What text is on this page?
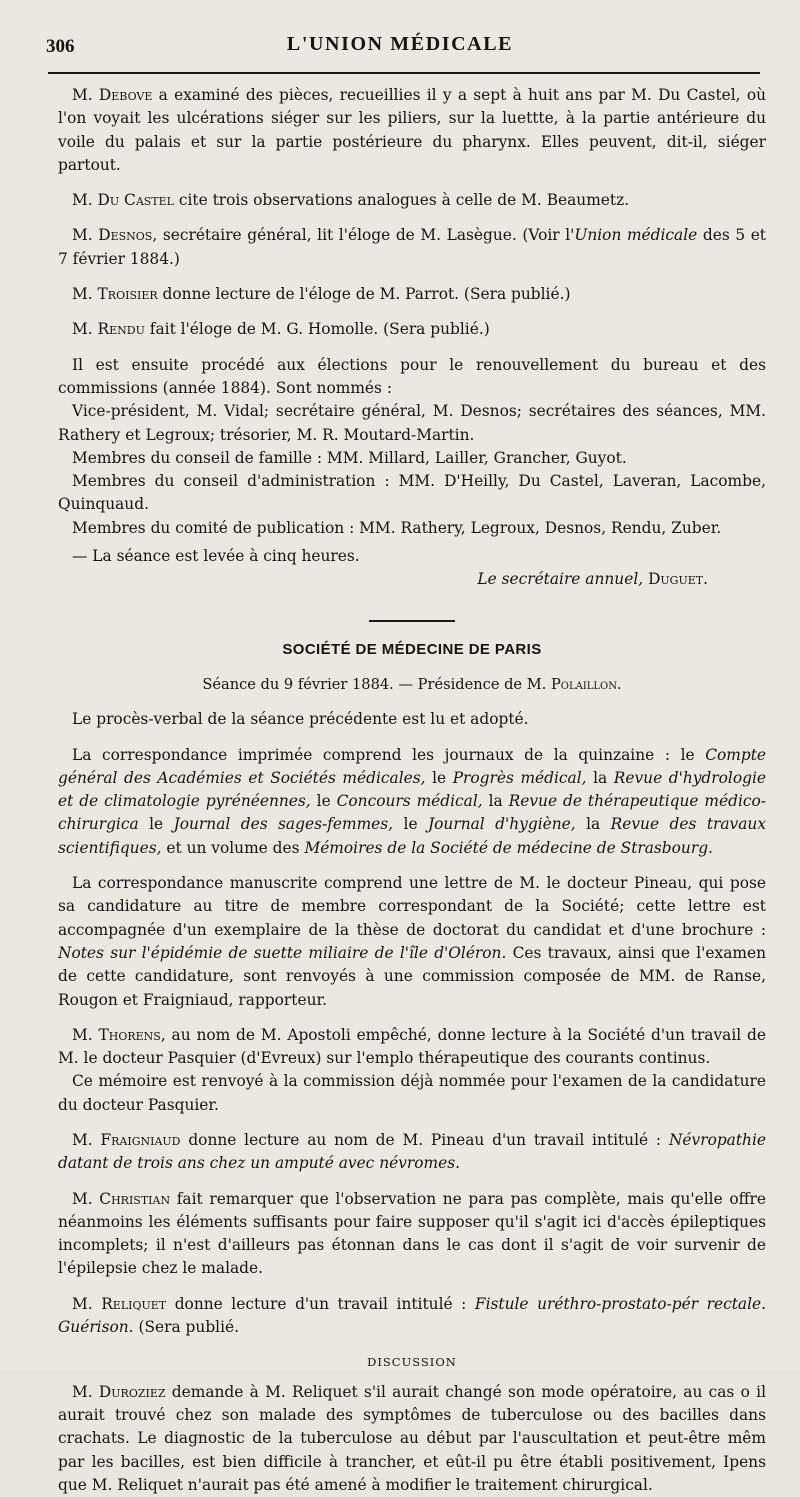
306	L'UNION MÉDICALE

M. Debove a examiné des pièces, recueillies il y a sept à huit ans par M. Du Castel, où l'on voyait les ulcérations siéger sur les piliers, sur la luettte, à la partie antérieure du voile du palais et sur la partie postérieure du pharynx. Elles peuvent, dit-il, siéger partout.

M. Du Castel cite trois observations analogues à celle de M. Beaumetz.

M. Desnos, secrétaire général, lit l'éloge de M. Lasègue. (Voir l'Union médicale des 5 et 7 février 1884.)

M. Troisier donne lecture de l'éloge de M. Parrot. (Sera publié.)

M. Rendu fait l'éloge de M. G. Homolle. (Sera publié.)

Il est ensuite procédé aux élections pour le renouvellement du bureau et des commissions (année 1884). Sont nommés :

Vice-président, M. Vidal; secrétaire général, M. Desnos; secrétaires des séances, MM. Rathery et Legroux; trésorier, M. R. Moutard-Martin.

Membres du conseil de famille : MM. Millard, Lailler, Grancher, Guyot.

Membres du conseil d'administration : MM. D'Heilly, Du Castel, Laveran, Lacombe, Quinquaud.

Membres du comité de publication : MM. Rathery, Legroux, Desnos, Rendu, Zuber.

— La séance est levée à cinq heures.

Le secrétaire annuel, Duguet.

SOCIÉTÉ DE MÉDECINE DE PARIS
Séance du 9 février 1884. — Présidence de M. Polaillon.

Le procès-verbal de la séance précédente est lu et adopté.

La correspondance imprimée comprend les journaux de la quinzaine : le Compte général des Académies et Sociétés médicales, le Progrès médical, la Revue d'hydrologie et de climatologie pyrénéennes, le Concours médical, la Revue de thérapeutique médico-chirurgica le Journal des sages-femmes, le Journal d'hygiène, la Revue des travaux scientifiques, et un volume des Mémoires de la Société de médecine de Strasbourg.

La correspondance manuscrite comprend une lettre de M. le docteur Pineau, qui pose sa candidature au titre de membre correspondant de la Société; cette lettre est accompagnée d'un exemplaire de la thèse de doctorat du candidat et d'une brochure : Notes sur l'épidémie de suette miliaire de l'île d'Oléron. Ces travaux, ainsi que l'examen de cette candidature, sont renvoyés à une commission composée de MM. de Ranse, Rougon et Fraigniaud, rapporteur.

M. Thorens, au nom de M. Apostoli empêché, donne lecture à la Société d'un travail de M. le docteur Pasquier (d'Evreux) sur l'emplo thérapeutique des courants continus.

Ce mémoire est renvoyé à la commission déjà nommée pour l'examen de la candidature du docteur Pasquier.

M. Fraigniaud donne lecture au nom de M. Pineau d'un travail intitulé : Névropathie datant de trois ans chez un amputé avec névromes.

M. Christian fait remarquer que l'observation ne para pas complète, mais qu'elle offre néanmoins les éléments suffisants pour faire supposer qu'il s'agit ici d'accès épileptiques incomplets; il n'est d'ailleurs pas étonnan dans le cas dont il s'agit de voir survenir de l'épilepsie chez le malade.

M. Reliquet donne lecture d'un travail intitulé : Fistule uréthro-prostato-pér rectale. Guérison. (Sera publié.

DISCUSSION

M. Duroziez demande à M. Reliquet s'il aurait changé son mode opératoire, au cas o il aurait trouvé chez son malade des symptômes de tuberculose ou des bacilles dans crachats. Le diagnostic de la tuberculose au début par l'auscultation et peut-être mêm par les bacilles, est bien difficile à trancher, et eût-il pu être établi positivement, Ipens que M. Reliquet n'aurait pas été amené à modifier le traitement chirurgical.
